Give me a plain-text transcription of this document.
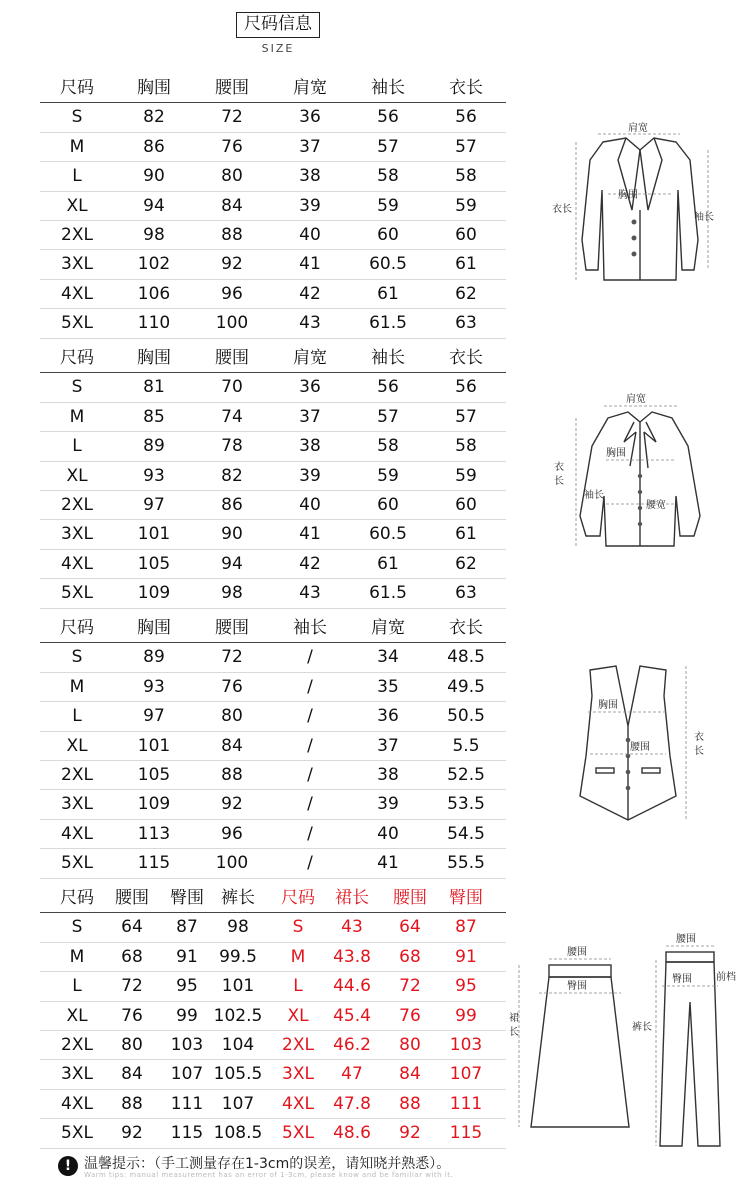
尺码信息
SIZE
尺码	胸围	腰围	肩宽	袖长	衣长
S	82	72	36	56	56
M	86	76	37	57	57
L	90	80	38	58	58
XL	94	84	39	59	59
2XL	98	88	40	60	60
3XL	102	92	41	60.5	61
4XL	106	96	42	61	62
5XL	110	100	43	61.5	63
尺码	胸围	腰围	肩宽	袖长	衣长
S	81	70	36	56	56
M	85	74	37	57	57
L	89	78	38	58	58
XL	93	82	39	59	59
2XL	97	86	40	60	60
3XL	101	90	41	60.5	61
4XL	105	94	42	61	62
5XL	109	98	43	61.5	63
尺码	胸围	腰围	袖长	肩宽	衣长
S	89	72	/	34	48.5
M	93	76	/	35	49.5
L	97	80	/	36	50.5
XL	101	84	/	37	5.5
2XL	105	88	/	38	52.5
3XL	109	92	/	39	53.5
4XL	113	96	/	40	54.5
5XL	115	100	/	41	55.5
尺码 腰围 臀围 裤长 尺码 裙长 腰围 臀围
S 64 87 98	S 43 64 87
M 68 91 99.5 M 43.8 68 91
L 72 95 101 L 44.6 72 95
XL 76 99 102.5 XL 45.4 76 99
2XL 80 103 104 2XL 46.2 80 103
3XL 84 107 105.5 3XL 47 84 107
4XL 88 111 107 4XL 47.8 88 111
5XL 92 115 108.5 5XL 48.6 92 115
肩宽
胸围
衣长
袖长
肩宽
胸围
衣
长
袖长
腰宽
胸围
腰围
衣
长
腰围
臀围
裙
长
腰围
臀围 前档
裤长
! 温馨提示：（手工测量存在1-3cm的误差，请知晓并熟悉）。
Warm tips: manual measurement has an error of 1-3cm, please know and be familiar with it.
